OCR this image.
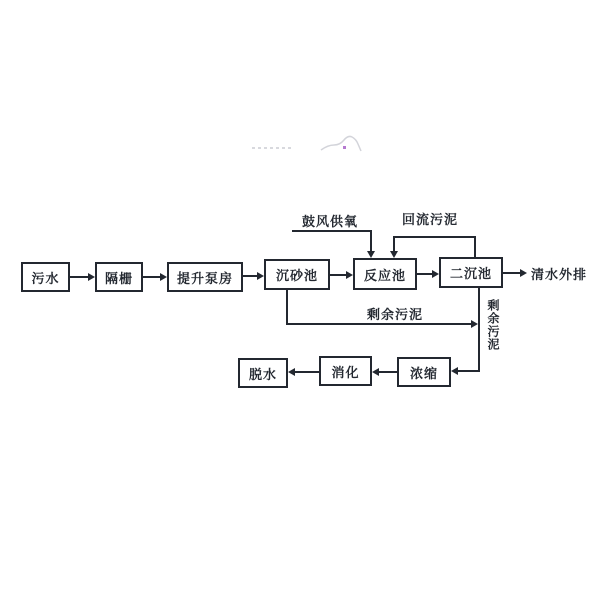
污水	隔栅	提升泵房	沉砂池	反应池	二沉池
浓缩
消化
脱水
清水外排
鼓风供氧	回流污泥
剩余污泥	剩余污泥
